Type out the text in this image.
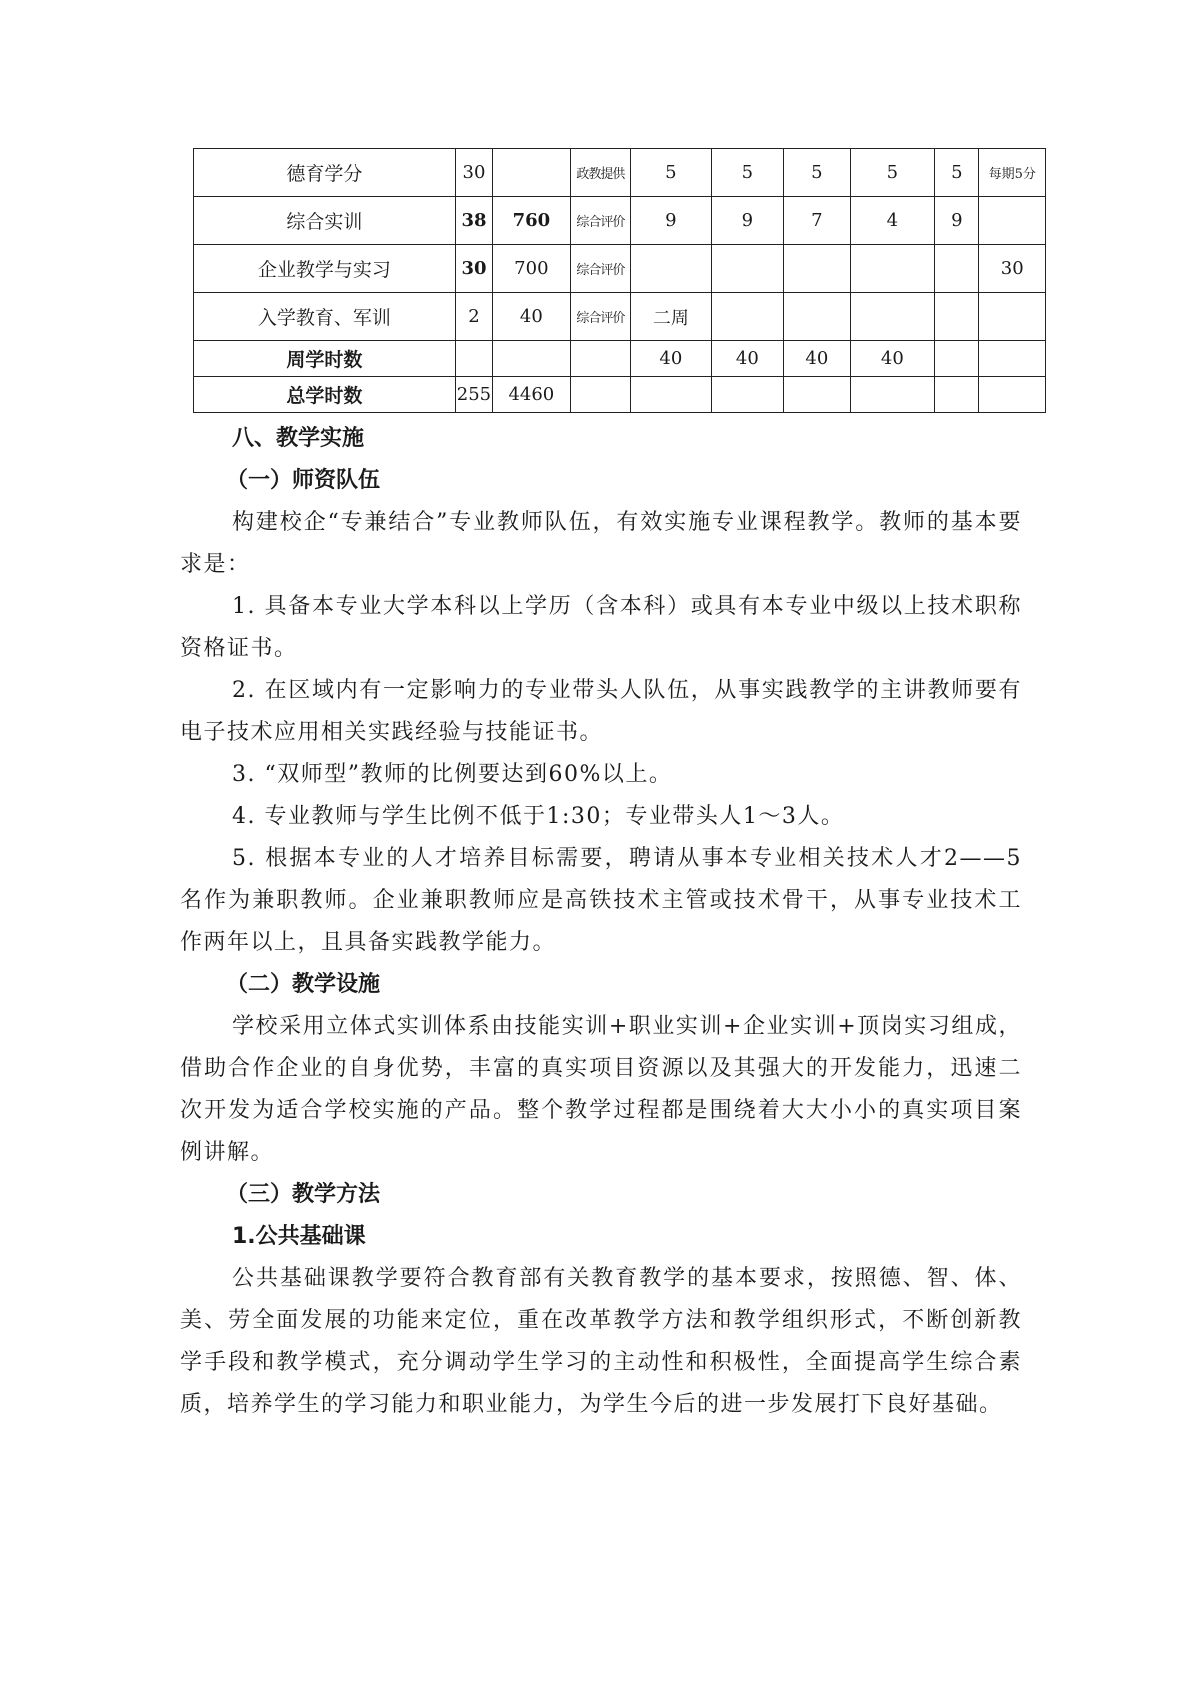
德育学分	30		政教提供	5	5	5	5	5	每期5分
综合实训	38	760	综合评价	9	9	7	4	9	
企业教学与实习	30	700	综合评价						30
入学教育、军训	2	40	综合评价	二周					
周学时数				40	40	40	40		
总学时数	255	4460							

八、教学实施

（一）师资队伍

构建校企“专兼结合”专业教师队伍，有效实施专业课程教学。教师的基本要求是：

1. 具备本专业大学本科以上学历（含本科）或具有本专业中级以上技术职称资格证书。

2. 在区域内有一定影响力的专业带头人队伍，从事实践教学的主讲教师要有电子技术应用相关实践经验与技能证书。

3. “双师型”教师的比例要达到60%以上。

4. 专业教师与学生比例不低于1:30；专业带头人1～3人。

5. 根据本专业的人才培养目标需要，聘请从事本专业相关技术人才2——5名作为兼职教师。企业兼职教师应是高铁技术主管或技术骨干，从事专业技术工作两年以上，且具备实践教学能力。

（二）教学设施

学校采用立体式实训体系由技能实训+职业实训+企业实训+顶岗实习组成，借助合作企业的自身优势，丰富的真实项目资源以及其强大的开发能力，迅速二次开发为适合学校实施的产品。整个教学过程都是围绕着大大小小的真实项目案例讲解。

（三）教学方法

1.公共基础课

公共基础课教学要符合教育部有关教育教学的基本要求，按照德、智、体、美、劳全面发展的功能来定位，重在改革教学方法和教学组织形式，不断创新教学手段和教学模式，充分调动学生学习的主动性和积极性，全面提高学生综合素质，培养学生的学习能力和职业能力，为学生今后的进一步发展打下良好基础。
